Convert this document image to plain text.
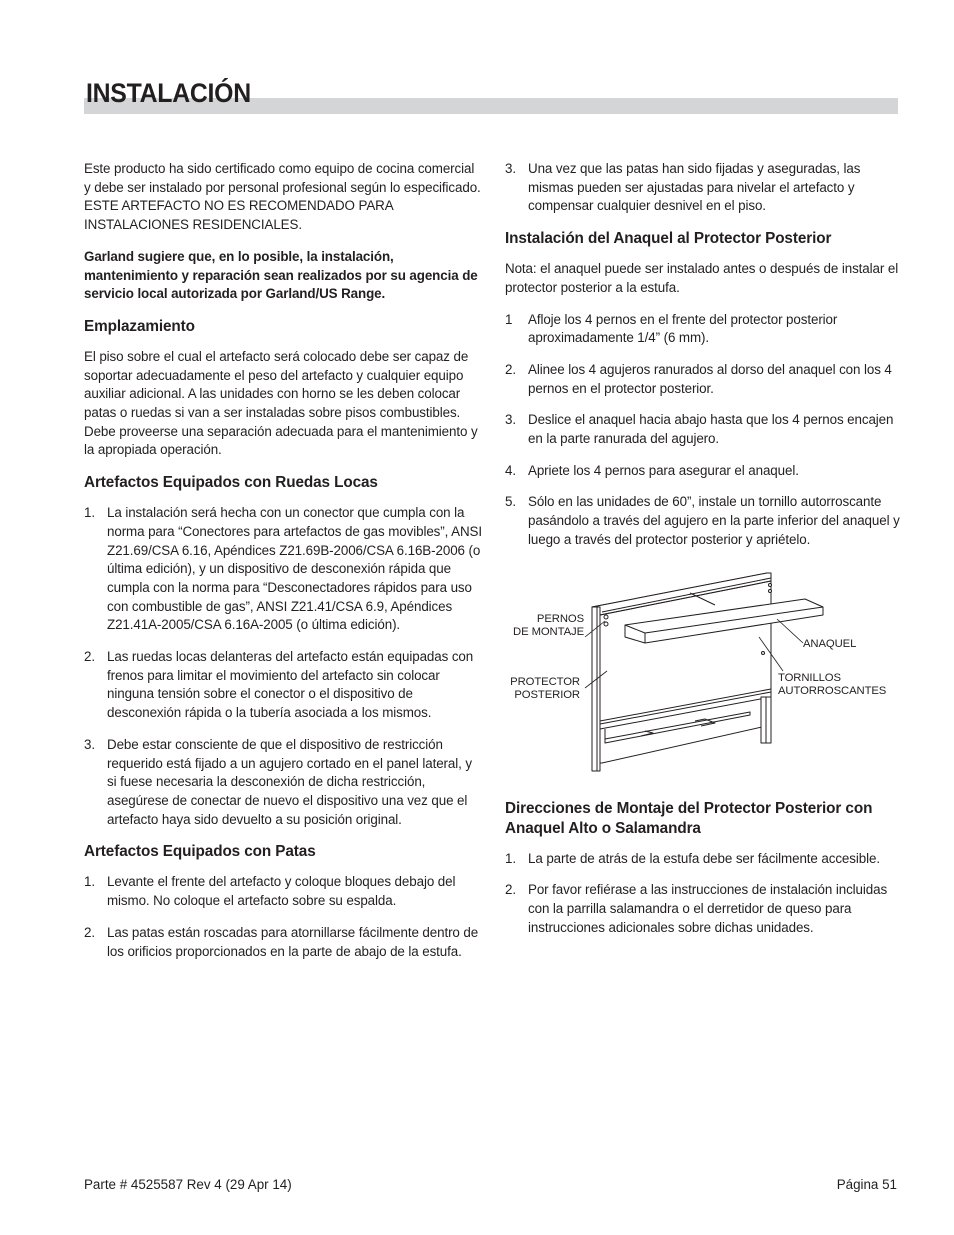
INSTALACIÓN

Este producto ha sido certificado como equipo de cocina comercial y debe ser instalado por personal profesional según lo especificado. ESTE ARTEFACTO NO ES RECOMENDADO PARA INSTALACIONES RESIDENCIALES.

Garland sugiere que, en lo posible, la instalación, mantenimiento y reparación sean realizados por su agencia de servicio local autorizada por Garland/US Range.

Emplazamiento

El piso sobre el cual el artefacto será colocado debe ser capaz de soportar adecuadamente el peso del artefacto y cualquier equipo auxiliar adicional. A las unidades con horno se les deben colocar patas o ruedas si van a ser instaladas sobre pisos combustibles. Debe proveerse una separación adecuada para el mantenimiento y la apropiada operación.

Artefactos Equipados con Ruedas Locas
1. La instalación será hecha con un conector que cumpla con la norma para “Conectores para artefactos de gas movibles”, ANSI Z21.69/CSA 6.16, Apéndices Z21.69B-2006/CSA 6.16B-2006 (o última edición), y un dispositivo de desconexión rápida que cumpla con la norma para “Desconectadores rápidos para uso con combustible de gas”, ANSI Z21.41/CSA 6.9, Apéndices Z21.41A-2005/CSA 6.16A-2005 (o última edición).
2. Las ruedas locas delanteras del artefacto están equipadas con frenos para limitar el movimiento del artefacto sin colocar ninguna tensión sobre el conector o el dispositivo de desconexión rápida o la tubería asociada a los mismos.
3. Debe estar consciente de que el dispositivo de restricción requerido está fijado a un agujero cortado en el panel lateral, y si fuese necesaria la desconexión de dicha restricción, asegúrese de conectar de nuevo el dispositivo una vez que el artefacto haya sido devuelto a su posición original.
Artefactos Equipados con Patas
1. Levante el frente del artefacto y coloque bloques debajo del mismo. No coloque el artefacto sobre su espalda.
2. Las patas están roscadas para atornillarse fácilmente dentro de los orificios proporcionados en la parte de abajo de la estufa.
3. Una vez que las patas han sido fijadas y aseguradas, las mismas pueden ser ajustadas para nivelar el artefacto y compensar cualquier desnivel en el piso.
Instalación del Anaquel al Protector Posterior

Nota: el anaquel puede ser instalado antes o después de instalar el protector posterior a la estufa.

1 Afloje los 4 pernos en el frente del protector posterior aproximadamente 1/4” (6 mm).
2. Alinee los 4 agujeros ranurados al dorso del anaquel con los 4 pernos en el protector posterior.
3. Deslice el anaquel hacia abajo hasta que los 4 pernos encajen en la parte ranurada del agujero.
4. Apriete los 4 pernos para asegurar el anaquel.
5. Sólo en las unidades de 60”, instale un tornillo autorroscante pasándolo a través del agujero en la parte inferior del anaquel y luego a través del protector posterior y apriételo.
PERNOS
DE MONTAJE
PROTECTOR
POSTERIOR
ANAQUEL
TORNILLOS
AUTORROSCANTES
Direcciones de Montaje del Protector Posterior con Anaquel Alto o Salamandra
1. La parte de atrás de la estufa debe ser fácilmente accesible.
2. Por favor refiérase a las instrucciones de instalación incluidas con la parrilla salamandra o el derretidor de queso para instrucciones adicionales sobre dichas unidades.
Parte # 4525587 Rev 4 (29 Apr 14)	Página 51
